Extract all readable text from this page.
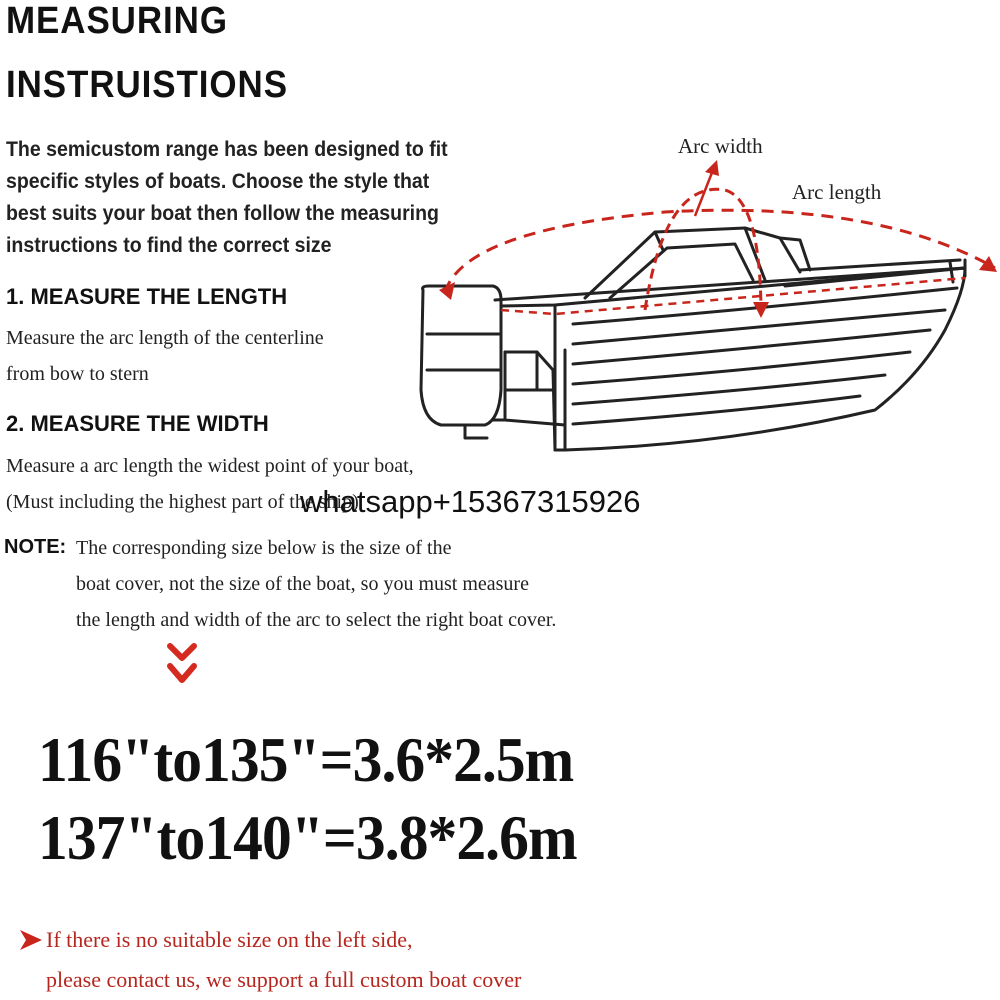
MEASURING
INSTRUISTIONS
The semicustom range has been designed to fit
specific styles of boats. Choose the style that
best suits your boat then follow the measuring
instructions to find the correct size
1. MEASURE THE LENGTH
Measure the arc length of the centerline
from bow to stern
2. MEASURE THE WIDTH
Measure a arc length the widest point of your boat,
(Must including the highest part of the ship)
NOTE: The corresponding size below is the size of the
boat cover, not the size of the boat, so you must measure
the length and width of the arc to select the right boat cover.
Arc width
Arc length
whatsapp+15367315926
116"to135"=3.6*2.5m
137"to140"=3.8*2.6m
If there is no suitable size on the left side,
please contact us, we support a full custom boat cover
